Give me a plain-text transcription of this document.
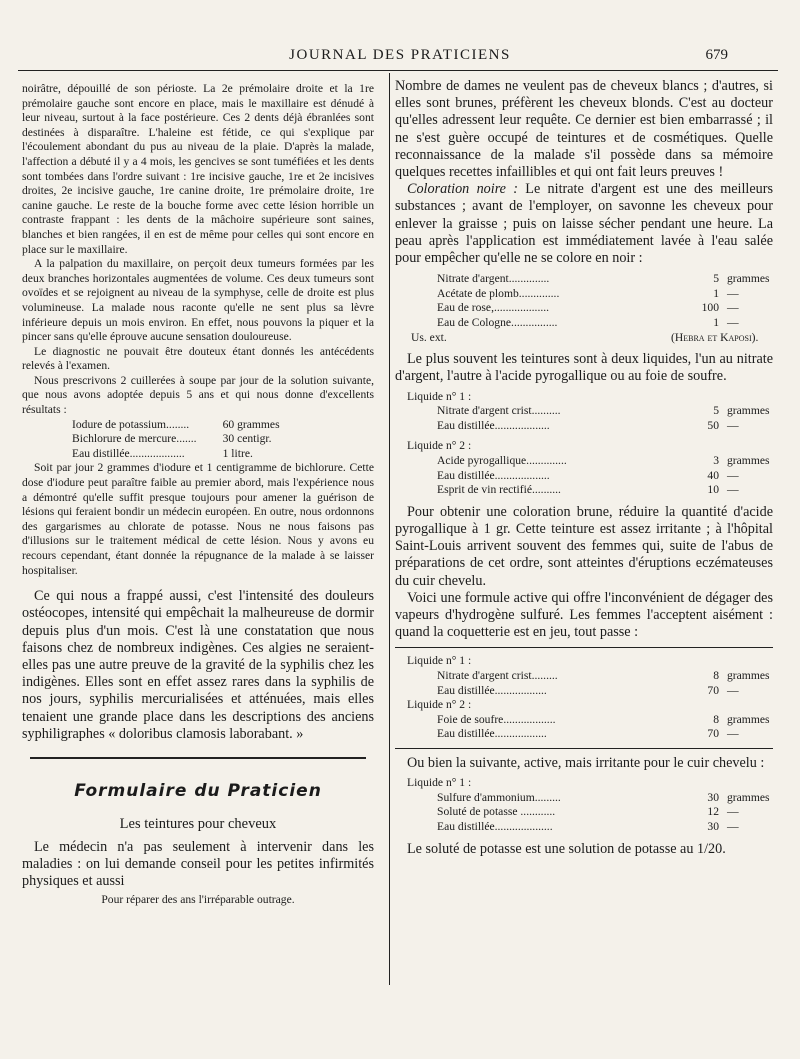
JOURNAL DES PRATICIENS	679

noirâtre, dépouillé de son périoste. La 2e prémolaire droite et la 1re prémolaire gauche sont encore en place, mais le maxillaire est dénudé à leur niveau, surtout à la face postérieure. Ces 2 dents déjà ébranlées sont destinées à disparaître. L'haleine est fétide, ce qui s'explique par l'écoulement abondant du pus au niveau de la plaie. D'après la malade, l'affection a débuté il y a 4 mois, les gencives se sont tuméfiées et les dents sont tombées dans l'ordre suivant : 1re incisive gauche, 1re et 2e incisives droites, 2e incisive gauche, 1re canine droite, 1re prémolaire droite, 1re canine gauche. Le reste de la bouche forme avec cette lésion horrible un contraste frappant : les dents de la mâchoire supérieure sont saines, blanches et bien rangées, il en est de même pour celles qui sont encore en place sur le maxillaire.

A la palpation du maxillaire, on perçoit deux tumeurs formées par les deux branches horizontales augmentées de volume. Ces deux tumeurs sont ovoïdes et se rejoignent au niveau de la symphyse, celle de droite est plus volumineuse. La malade nous raconte qu'elle ne sent plus sa lèvre inférieure depuis un mois environ. En effet, nous pouvons la piquer et la pincer sans qu'elle éprouve aucune sensation douloureuse.

Le diagnostic ne pouvait être douteux étant donnés les antécédents relevés à l'examen.

Nous prescrivons 2 cuillerées à soupe par jour de la solution suivante, que nous avons adoptée depuis 5 ans et qui nous donne d'excellents résultats :

Iodure de potassium........	60 grammes
Bichlorure de mercure.......	30 centigr.
Eau distillée...................	1 litre.

Soit par jour 2 grammes d'iodure et 1 centigramme de bichlorure. Cette dose d'iodure peut paraître faible au premier abord, mais l'expérience nous a démontré qu'elle suffit presque toujours pour amener la guérison de lésions qui feraient bondir un médecin européen. En outre, nous ordonnons des gargarismes au chlorate de potasse. Nous ne nous faisons pas d'illusions sur le traitement médical de cette lésion. Nous y avons eu recours cependant, étant donnée la répugnance de la malade à se laisser hospitaliser.

Ce qui nous a frappé aussi, c'est l'intensité des douleurs ostéocopes, intensité qui empêchait la malheureuse de dormir depuis plus d'un mois. C'est là une constatation que nous faisons chez de nombreux indigènes. Ces algies ne seraient-elles pas une autre preuve de la gravité de la syphilis chez les indigènes. Elles sont en effet assez rares dans la syphilis de nos jours, syphilis mercurialisées et atténuées, mais elles tenaient une grande place dans les descriptions des anciens syphiligraphes « doloribus clamosis laborabant. »

Formulaire du Praticien
Les teintures pour cheveux

Le médecin n'a pas seulement à intervenir dans les maladies : on lui demande conseil pour les petites infirmités physiques et aussi

Pour réparer des ans l'irréparable outrage.

Nombre de dames ne veulent pas de cheveux blancs ; d'autres, si elles sont brunes, préfèrent les cheveux blonds. C'est au docteur qu'elles adressent leur requête. Ce dernier est bien embarrassé ; il ne s'est guère occupé de teintures et de cosmétiques. Quelle reconnaissance de la malade s'il possède dans sa mémoire quelques recettes infaillibles et qui ont fait leurs preuves !

Coloration noire : Le nitrate d'argent est une des meilleurs substances ; avant de l'employer, on savonne les cheveux pour enlever la graisse ; puis on laisse sécher pendant une heure. La peau après l'application est immédiatement lavée à l'eau salée pour empêcher qu'elle ne se colore en noir :

Nitrate d'argent..............	5 grammes
Acétate de plomb..............	1 —
Eau de rose,...................	100 —
Eau de Cologne................	1 —
Us. ext.	(Hebra et Kaposi).

Le plus souvent les teintures sont à deux liquides, l'un au nitrate d'argent, l'autre à l'acide pyrogallique ou au foie de soufre.

Liquide n° 1 :
Nitrate d'argent crist..........	5 grammes
Eau distillée...................	50 —
Liquide n° 2 :
Acide pyrogallique..............	3 grammes
Eau distillée...................	40 —
Esprit de vin rectifié..........	10 —

Pour obtenir une coloration brune, réduire la quantité d'acide pyrogallique à 1 gr. Cette teinture est assez irritante ; à l'hôpital Saint-Louis arrivent souvent des femmes qui, suite de l'abus de préparations de cet ordre, sont atteintes d'éruptions eczémateuses du cuir chevelu.

Voici une formule active qui offre l'inconvénient de dégager des vapeurs d'hydrogène sulfuré. Les femmes l'acceptent aisément : quand la coquetterie est en jeu, tout passe :

Liquide n° 1 :
Nitrate d'argent crist.........	8 grammes
Eau distillée..................	70 —
Liquide n° 2 :
Foie de soufre..................	8 grammes
Eau distillée..................	70 —

Ou bien la suivante, active, mais irritante pour le cuir chevelu :

Liquide n° 1 :
Sulfure d'ammonium.........	30 grammes
Soluté de potasse ............	12 —
Eau distillée....................	30 —

Le soluté de potasse est une solution de potasse au 1/20.
